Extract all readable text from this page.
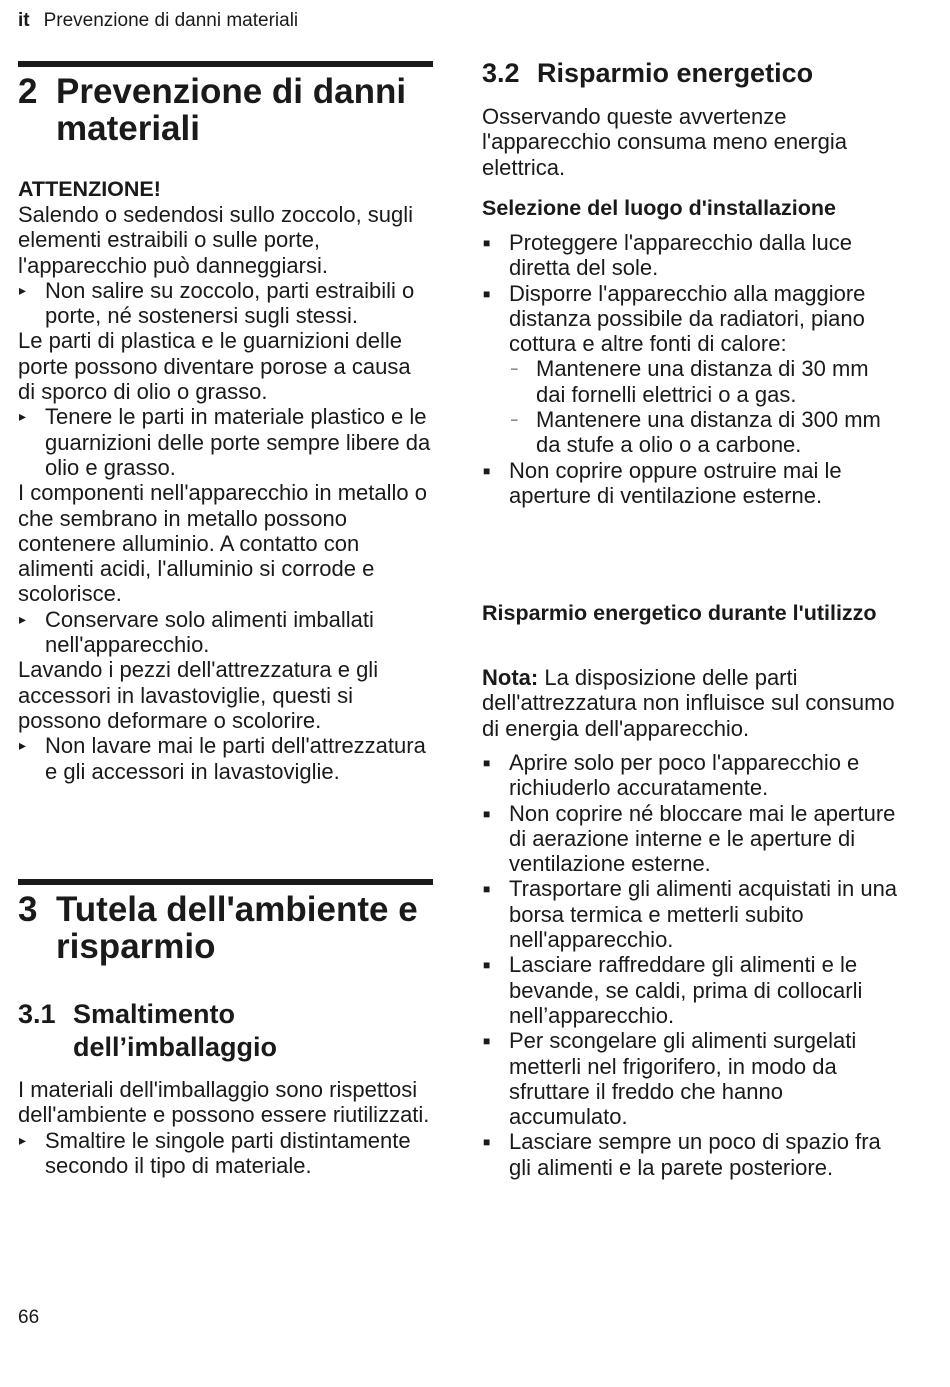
it Prevenzione di danni materiali
2 Prevenzione di danni materiali
ATTENZIONE!

Salendo o sedendosi sullo zoccolo, sugli elementi estraibili o sulle porte, l'apparecchio può danneggiarsi.

▸ Non salire su zoccolo, parti estraibili o porte, né sostenersi sugli stessi.

Le parti di plastica e le guarnizioni delle porte possono diventare porose a causa di sporco di olio o grasso.

▸ Tenere le parti in materiale plastico e le guarnizioni delle porte sempre libere da olio e grasso.

I componenti nell'apparecchio in metallo o che sembrano in metallo possono contenere alluminio. A contatto con alimenti acidi, l'alluminio si corrode e scolorisce.

▸ Conservare solo alimenti imballati nell'apparecchio.

Lavando i pezzi dell'attrezzatura e gli accessori in lavastoviglie, questi si possono deformare o scolorire.

▸ Non lavare mai le parti dell'attrezzatura e gli accessori in lavastoviglie.
3 Tutela dell'ambiente e risparmio
3.1 Smaltimento dell’imballaggio

I materiali dell'imballaggio sono rispettosi dell'ambiente e possono essere riutilizzati.

▸ Smaltire le singole parti distintamente secondo il tipo di materiale.
3.2 Risparmio energetico

Osservando queste avvertenze l'apparecchio consuma meno energia elettrica.

Selezione del luogo d'installazione
■ Proteggere l'apparecchio dalla luce diretta del sole.
■ Disporre l'apparecchio alla maggiore distanza possibile da radiatori, piano cottura e altre fonti di calore:
– Mantenere una distanza di 30 mm dai fornelli elettrici o a gas.
– Mantenere una distanza di 300 mm da stufe a olio o a carbone.
■ Non coprire oppure ostruire mai le aperture di ventilazione esterne.
Risparmio energetico durante l'utilizzo

Nota: La disposizione delle parti dell'attrezzatura non influisce sul consumo di energia dell'apparecchio.

■ Aprire solo per poco l'apparecchio e richiuderlo accuratamente.
■ Non coprire né bloccare mai le aperture di aerazione interne e le aperture di ventilazione esterne.
■ Trasportare gli alimenti acquistati in una borsa termica e metterli subito nell'apparecchio.
■ Lasciare raffreddare gli alimenti e le bevande, se caldi, prima di collocarli nell’apparecchio.
■ Per scongelare gli alimenti surgelati metterli nel frigorifero, in modo da sfruttare il freddo che hanno accumulato.
■ Lasciare sempre un poco di spazio fra gli alimenti e la parete posteriore.
66
